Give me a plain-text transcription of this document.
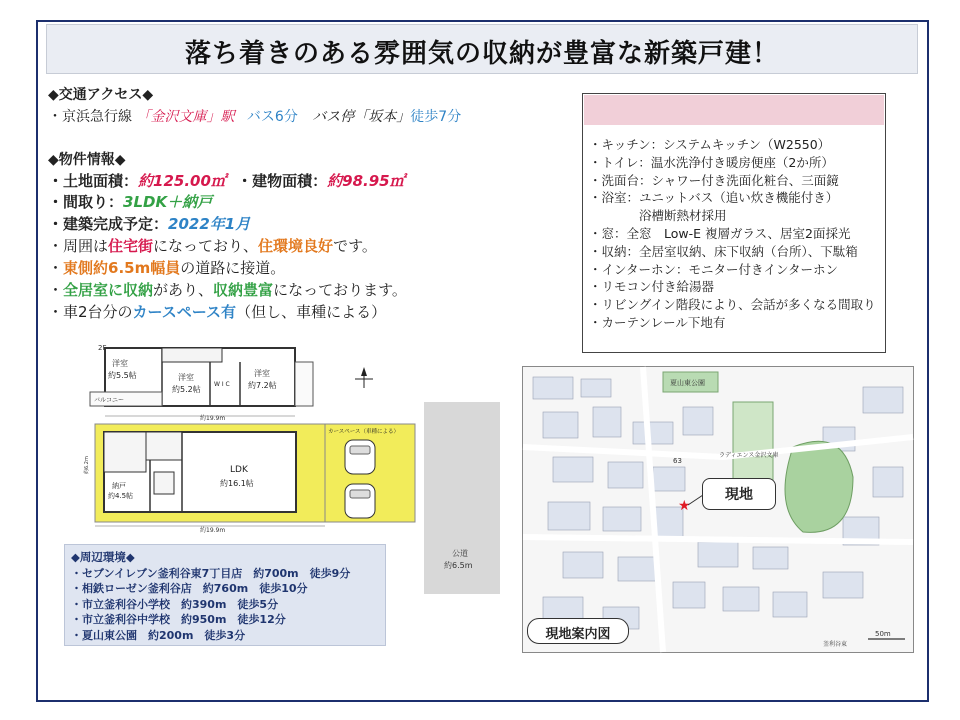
落ち着きのある雰囲気の収納が豊富な新築戸建！
◆交通アクセス◆
・京浜急行線 「金沢文庫」駅 バス6分 バス停「坂本」徒歩7分
◆物件情報◆
・土地面積：約125.00㎡ ・建物面積：約98.95㎡
・間取り：3LDK＋納戸
・建築完成予定：2022年1月
・周囲は住宅街になっており、住環境良好です。
・東側約6.5m幅員の道路に接道。
・全居室に収納があり、収納豊富になっております。
・車2台分のカースペース有（但し、車種による）
・キッチン：システムキッチン（W2550）
・トイレ：温水洗浄付き暖房便座（2か所）
・洗面台：シャワー付き洗面化粧台、三面鏡
・浴室：ユニットバス（追い炊き機能付き）
　　　　浴槽断熱材採用
・窓：全窓　Low-E 複層ガラス、居室2面採光
・収納：全居室収納、床下収納（台所）、下駄箱
・インターホン：モニター付きインターホン
・リモコン付き給湯器
・リビングイン階段により、会話が多くなる間取り
・カーテンレール下地有
2F
洋室
約5.5帖	洋室
約5.2帖
W I C
洋室
約7.2帖
バルコニー
約19.9m
納戸
約4.5帖
LDK
約16.1帖
約6.2m
約19.9m
カースペース（車種による）
公道
約6.5m
◆周辺環境◆
・セブンイレブン釜利谷東7丁目店　約700m　徒歩9分
・相鉄ローゼン釜利谷店　約760m　徒歩10分
・市立釜利谷小学校　約390m　徒歩5分
・市立釜利谷中学校　約950m　徒歩12分
・夏山東公園　約200m　徒歩3分
夏山東公園
ラディエンス金沢文庫
63
★
50m
釜利谷東
現地
現地案内図
